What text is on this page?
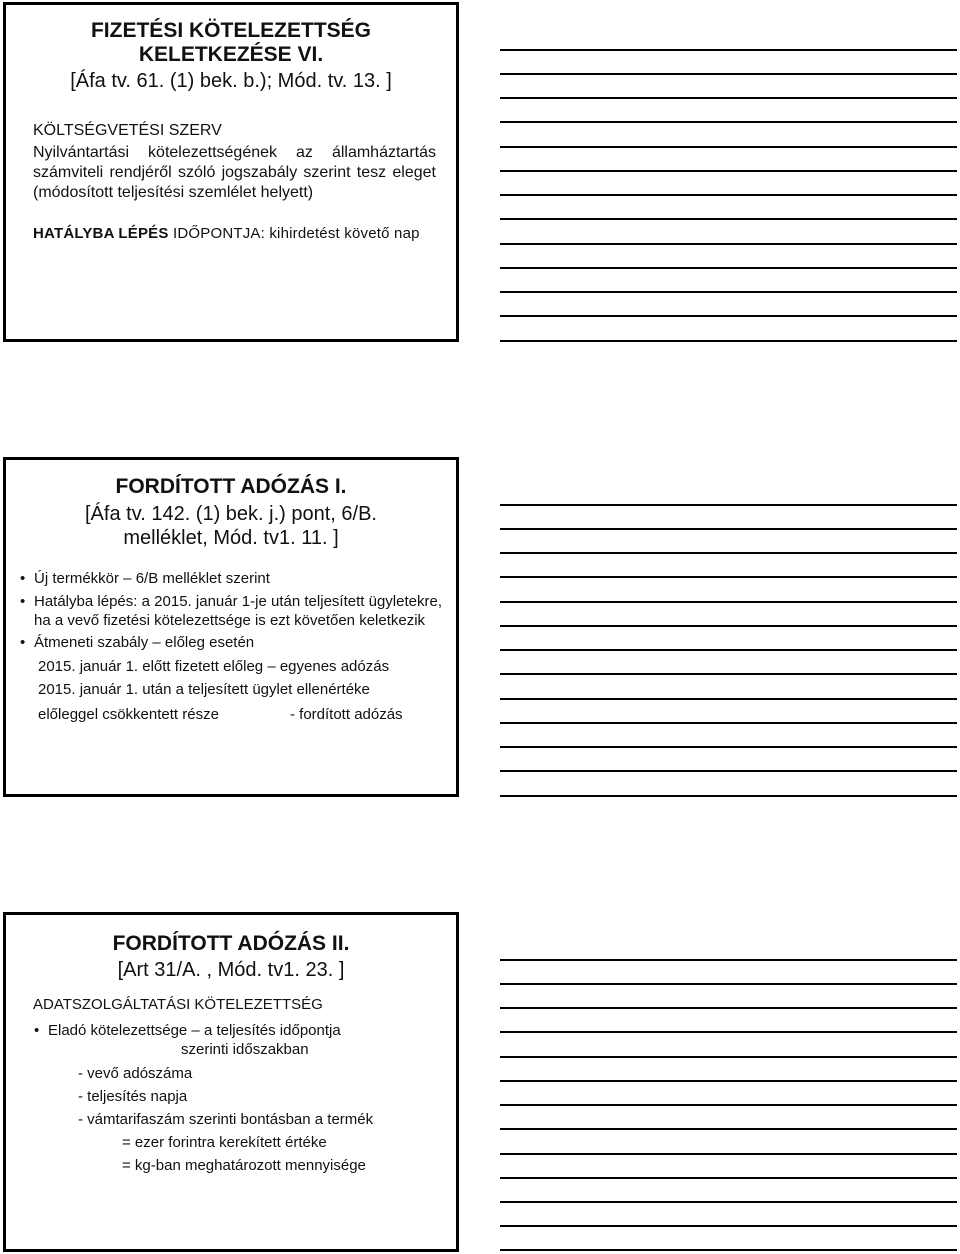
FIZETÉSI KÖTELEZETTSÉG

KELETKEZÉSE VI.

[Áfa tv. 61. (1) bek. b.); Mód. tv. 13. ]

KÖLTSÉGVETÉSI SZERV

Nyilvántartási kötelezettségének az államháztartás számviteli rendjéről szóló jogszabály szerint tesz eleget (módosított teljesítési szemlélet helyett)

HATÁLYBA LÉPÉS IDŐPONTJA: kihirdetést követő nap

FORDÍTOTT ADÓZÁS I.

[Áfa tv. 142. (1) bek. j.) pont, 6/B.

melléklet, Mód. tv1. 11. ]

• Új termékkör – 6/B melléklet szerint
• Hatályba lépés: a 2015. január 1-je után teljesített ügyletekre, ha a vevő fizetési kötelezettsége is ezt követően keletkezik
• Átmeneti szabály – előleg esetén
2015. január 1. előtt fizetett előleg – egyenes adózás
2015. január 1. után a teljesített ügylet ellenértéke
előleggel csökkentett része	- fordított adózás

FORDÍTOTT ADÓZÁS II.

[Art 31/A. , Mód. tv1. 23. ]

ADATSZOLGÁLTATÁSI KÖTELEZETTSÉG

• Eladó kötelezettsége – a teljesítés időpontja
szerinti időszakban
- vevő adószáma
- teljesítés napja
- vámtarifaszám szerinti bontásban a termék
= ezer forintra kerekített értéke
= kg-ban meghatározott mennyisége
